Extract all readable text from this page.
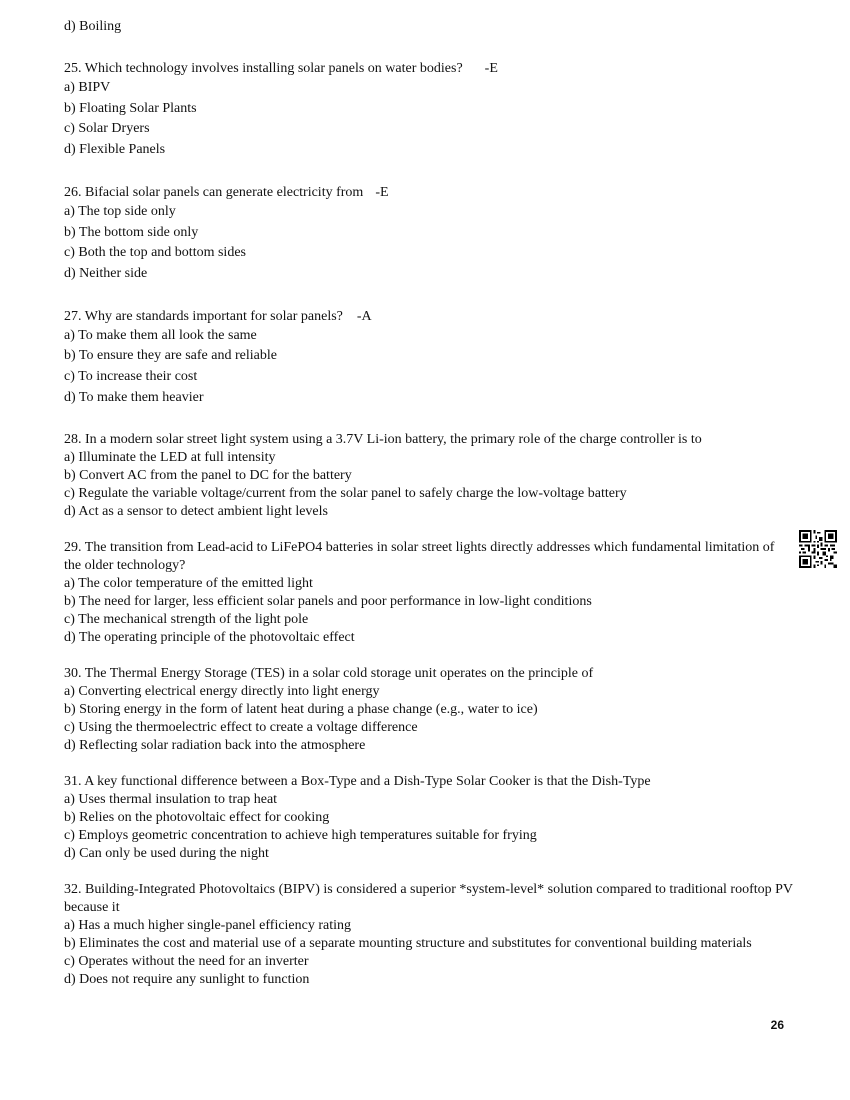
d) Boiling
25. Which technology involves installing solar panels on water bodies? -E
a) BIPV
b) Floating Solar Plants
c) Solar Dryers
d) Flexible Panels
26. Bifacial solar panels can generate electricity from -E
a) The top side only
b) The bottom side only
c) Both the top and bottom sides
d) Neither side
27. Why are standards important for solar panels? -A
a) To make them all look the same
b) To ensure they are safe and reliable
c) To increase their cost
d) To make them heavier
28. In a modern solar street light system using a 3.7V Li-ion battery, the primary role of the charge controller is to
a) Illuminate the LED at full intensity
b) Convert AC from the panel to DC for the battery
c) Regulate the variable voltage/current from the solar panel to safely charge the low-voltage battery
d) Act as a sensor to detect ambient light levels
29. The transition from Lead-acid to LiFePO4 batteries in solar street lights directly addresses which fundamental limitation of the older technology?
a) The color temperature of the emitted light
b) The need for larger, less efficient solar panels and poor performance in low-light conditions
c) The mechanical strength of the light pole
d) The operating principle of the photovoltaic effect
30. The Thermal Energy Storage (TES) in a solar cold storage unit operates on the principle of
a) Converting electrical energy directly into light energy
b) Storing energy in the form of latent heat during a phase change (e.g., water to ice)
c) Using the thermoelectric effect to create a voltage difference
d) Reflecting solar radiation back into the atmosphere
31. A key functional difference between a Box-Type and a Dish-Type Solar Cooker is that the Dish-Type
a) Uses thermal insulation to trap heat
b) Relies on the photovoltaic effect for cooking
c) Employs geometric concentration to achieve high temperatures suitable for frying
d) Can only be used during the night
32. Building-Integrated Photovoltaics (BIPV) is considered a superior *system-level* solution compared to traditional rooftop PV because it
a) Has a much higher single-panel efficiency rating
b) Eliminates the cost and material use of a separate mounting structure and substitutes for conventional building materials
c) Operates without the need for an inverter
d) Does not require any sunlight to function
26
